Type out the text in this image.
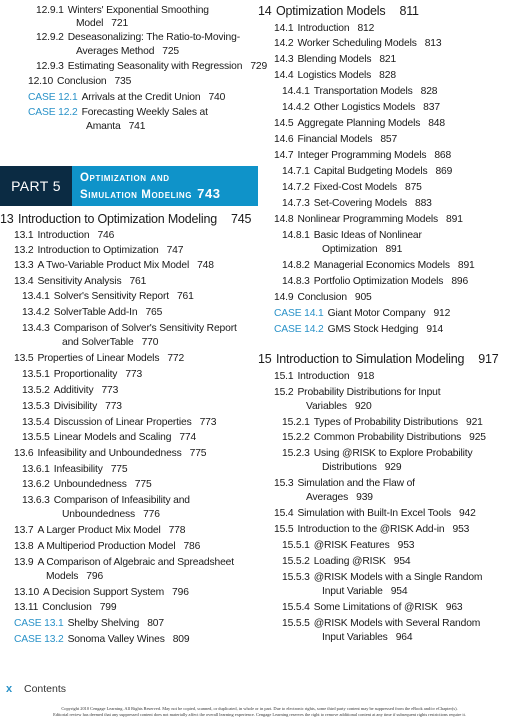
12.9.1 Winters' Exponential Smoothing
Model 721
12.9.2 Deseasonalizing: The Ratio-to-Moving-
Averages Method 725
12.9.3 Estimating Seasonality with Regression 729
12.10 Conclusion 735
CASE 12.1 Arrivals at the Credit Union 740
CASE 12.2 Forecasting Weekly Sales at
Amanta 741
13 Introduction to Optimization Modeling 745
13.1 Introduction 746
13.2 Introduction to Optimization 747
13.3 A Two-Variable Product Mix Model 748
13.4 Sensitivity Analysis 761
13.4.1 Solver's Sensitivity Report 761
13.4.2 SolverTable Add-In 765
13.4.3 Comparison of Solver's Sensitivity Report
and SolverTable 770
13.5 Properties of Linear Models 772
13.5.1 Proportionality 773
13.5.2 Additivity 773
13.5.3 Divisibility 773
13.5.4 Discussion of Linear Properties 773
13.5.5 Linear Models and Scaling 774
13.6 Infeasibility and Unboundedness 775
13.6.1 Infeasibility 775
13.6.2 Unboundedness 775
13.6.3 Comparison of Infeasibility and
Unboundedness 776
13.7 A Larger Product Mix Model 778
13.8 A Multiperiod Production Model 786
13.9 A Comparison of Algebraic and Spreadsheet
Models 796
13.10 A Decision Support System 796
13.11 Conclusion 799
CASE 13.1 Shelby Shelving 807
CASE 13.2 Sonoma Valley Wines 809
PART 5	Optimization and
Simulation Modeling 743
14 Optimization Models 811
14.1 Introduction 812
14.2 Worker Scheduling Models 813
14.3 Blending Models 821
14.4 Logistics Models 828
14.4.1 Transportation Models 828
14.4.2 Other Logistics Models 837
14.5 Aggregate Planning Models 848
14.6 Financial Models 857
14.7 Integer Programming Models 868
14.7.1 Capital Budgeting Models 869
14.7.2 Fixed-Cost Models 875
14.7.3 Set-Covering Models 883
14.8 Nonlinear Programming Models 891
14.8.1 Basic Ideas of Nonlinear
Optimization 891
14.8.2 Managerial Economics Models 891
14.8.3 Portfolio Optimization Models 896
14.9 Conclusion 905
CASE 14.1 Giant Motor Company 912
CASE 14.2 GMS Stock Hedging 914
15 Introduction to Simulation Modeling 917
15.1 Introduction 918
15.2 Probability Distributions for Input
Variables 920
15.2.1 Types of Probability Distributions 921
15.2.2 Common Probability Distributions 925
15.2.3 Using @RISK to Explore Probability
Distributions 929
15.3 Simulation and the Flaw of
Averages 939
15.4 Simulation with Built-In Excel Tools 942
15.5 Introduction to the @RISK Add-in 953
15.5.1 @RISK Features 953
15.5.2 Loading @RISK 954
15.5.3 @RISK Models with a Single Random
Input Variable 954
15.5.4 Some Limitations of @RISK 963
15.5.5 @RISK Models with Several Random
Input Variables 964
x Contents
Copyright 2010 Cengage Learning. All Rights Reserved. May not be copied, scanned, or duplicated, in whole or in part. Due to electronic rights, some third party content may be suppressed from the eBook and/or eChapter(s).
Editorial review has deemed that any suppressed content does not materially affect the overall learning experience. Cengage Learning reserves the right to remove additional content at any time if subsequent rights restrictions require it.
